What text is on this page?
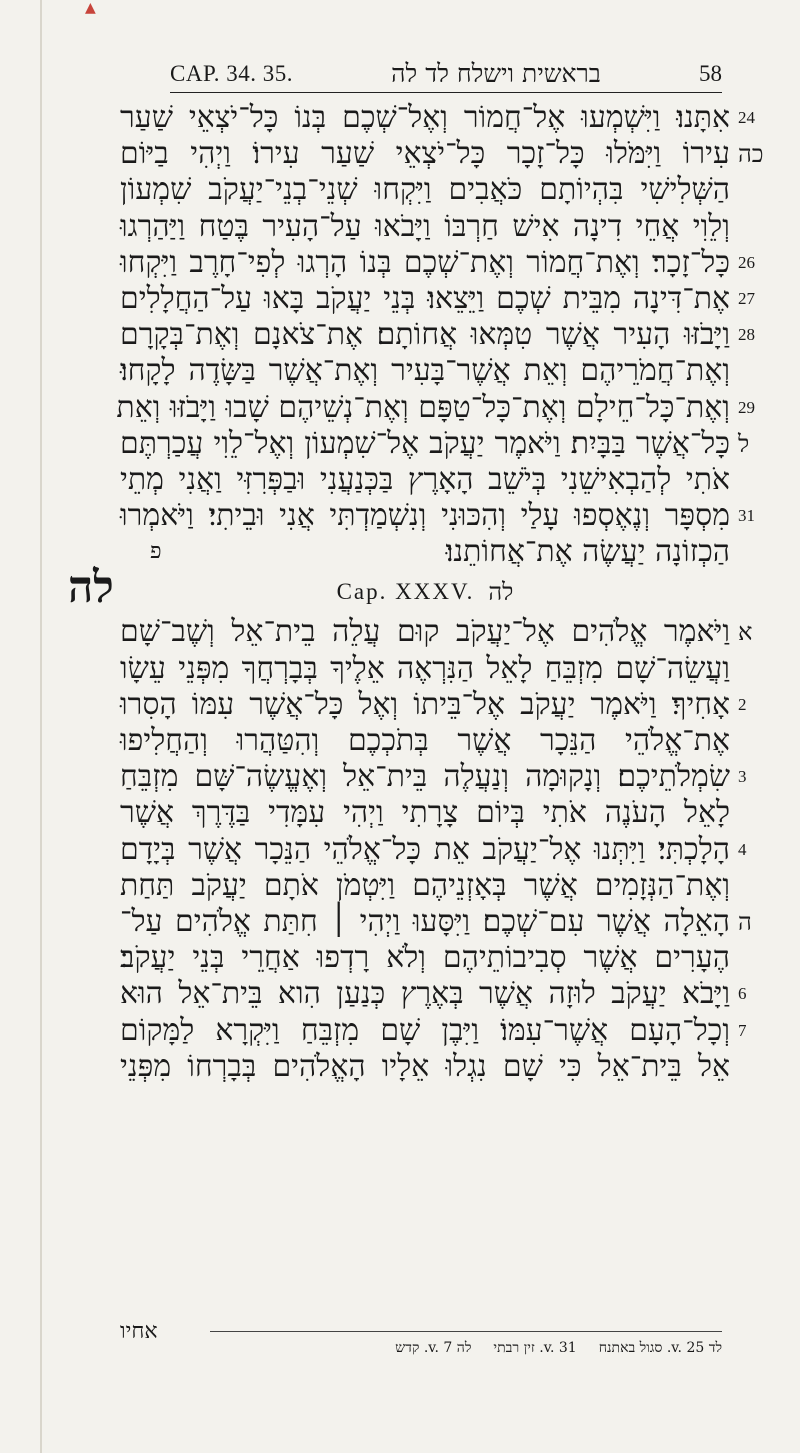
▲
CAP. 34. 35.	בראשית וישלח לד לה	58
אִתָּנוּ׃ וַיִּשְׁמְעוּ אֶל־חֲמוֹר וְאֶל־שְׁכֶם בְּנוֹ כָּל־יֹצְאֵי שַׁעַר 24
עִירוֹ וַיִּמֹּלוּ כָּל־זָכָר כָּל־יֹצְאֵי שַׁעַר עִירוֹ׃ וַיְהִי בַיּוֹם כה
הַשְּׁלִישִׁי בִּהְיוֹתָם כֹּאֲבִים וַיִּקְחוּ שְׁנֵי־בְנֵי־יַעֲקֹב שִׁמְעוֹן
וְלֵוִי אֲחֵי דִינָה אִישׁ חַרְבּוֹ וַיָּבֹאוּ עַל־הָעִיר בֶּטַח וַיַּהַרְגוּ
כָּל־זָכָר׃ וְאֶת־חֲמוֹר וְאֶת־שְׁכֶם בְּנוֹ הָרְגוּ לְפִי־חָרֶב וַיִּקְחוּ 26
אֶת־דִּינָה מִבֵּית שְׁכֶם וַיֵּצֵאוּ׃ בְּנֵי יַעֲקֹב בָּאוּ עַל־הַחֲלָלִים 27
וַיָּבֹזּוּ הָעִיר אֲשֶׁר טִמְּאוּ אֲחוֹתָם׃ אֶת־צֹאנָם וְאֶת־בְּקָרָם 28
וְאֶת־חֲמֹרֵיהֶם וְאֵת אֲשֶׁר־בָּעִיר וְאֶת־אֲשֶׁר בַּשָּׂדֶה לָקָחוּ׃
וְאֶת־כָּל־חֵילָם וְאֶת־כָּל־טַפָּם וְאֶת־נְשֵׁיהֶם שָׁבוּ וַיָּבֹזּוּ וְאֵת 29
כָּל־אֲשֶׁר בַּבָּיִת׃ וַיֹּאמֶר יַעֲקֹב אֶל־שִׁמְעוֹן וְאֶל־לֵוִי עֲכַרְתֶּם ל
אֹתִי לְהַבְאִישֵׁנִי בְּיֹשֵׁב הָאָרֶץ בַּכְּנַעֲנִי וּבַפְּרִזִּי וַאֲנִי מְתֵי
מִסְפָּר וְנֶאֶסְפוּ עָלַי וְהִכּוּנִי וְנִשְׁמַדְתִּי אֲנִי וּבֵיתִי׃ וַיֹּאמְרוּ 31
הַכְזוֹנָה יַעֲשֶׂה אֶת־אֲחוֹתֵנוּ׃
פ
Cap. XXXV. לה
לה
וַיֹּאמֶר אֱלֹהִים אֶל־יַעֲקֹב קוּם עֲלֵה בֵית־אֵל וְשֶׁב־שָׁם א
וַעֲשֵׂה־שָׁם מִזְבֵּחַ לָאֵל הַנִּרְאֶה אֵלֶיךָ בְּבָרְחֲךָ מִפְּנֵי עֵשָׂו
אָחִיךָ׃ וַיֹּאמֶר יַעֲקֹב אֶל־בֵּיתוֹ וְאֶל כָּל־אֲשֶׁר עִמּוֹ הָסִרוּ 2
אֶת־אֱלֹהֵי הַנֵּכָר אֲשֶׁר בְּתֹכְכֶם וְהִטַּהֲרוּ וְהַחֲלִיפוּ
שִׂמְלֹתֵיכֶם׃ וְנָקוּמָה וְנַעֲלֶה בֵּית־אֵל וְאֶעֱשֶׂה־שָּׁם מִזְבֵּחַ 3
לָאֵל הָעֹנֶה אֹתִי בְּיוֹם צָרָתִי וַיְהִי עִמָּדִי בַּדֶּרֶךְ אֲשֶׁר
הָלָכְתִּי׃ וַיִּתְּנוּ אֶל־יַעֲקֹב אֵת כָּל־אֱלֹהֵי הַנֵּכָר אֲשֶׁר בְּיָדָם 4
וְאֶת־הַנְּזָמִים אֲשֶׁר בְּאָזְנֵיהֶם וַיִּטְמֹן אֹתָם יַעֲקֹב תַּחַת
הָאֵלָה אֲשֶׁר עִם־שְׁכֶם׃ וַיִּסָּעוּ וַיְהִי ׀ חִתַּת אֱלֹהִים עַל־ ה
הֶעָרִים אֲשֶׁר סְבִיבוֹתֵיהֶם וְלֹא רָדְפוּ אַחֲרֵי בְּנֵי יַעֲקֹב׃
וַיָּבֹא יַעֲקֹב לוּזָה אֲשֶׁר בְּאֶרֶץ כְּנַעַן הִוא בֵּית־אֵל הוּא 6
וְכָל־הָעָם אֲשֶׁר־עִמּוֹ׃ וַיִּבֶן שָׁם מִזְבֵּחַ וַיִּקְרָא לַמָּקוֹם 7
אֵל בֵּית־אֵל כִּי שָׁם נִגְלוּ אֵלָיו הָאֱלֹהִים בְּבָרְחוֹ מִפְּנֵי
אחיו
לד v. 25. סגול באתנח
v. 31. זין רבתי
לה v. 7. קדש
